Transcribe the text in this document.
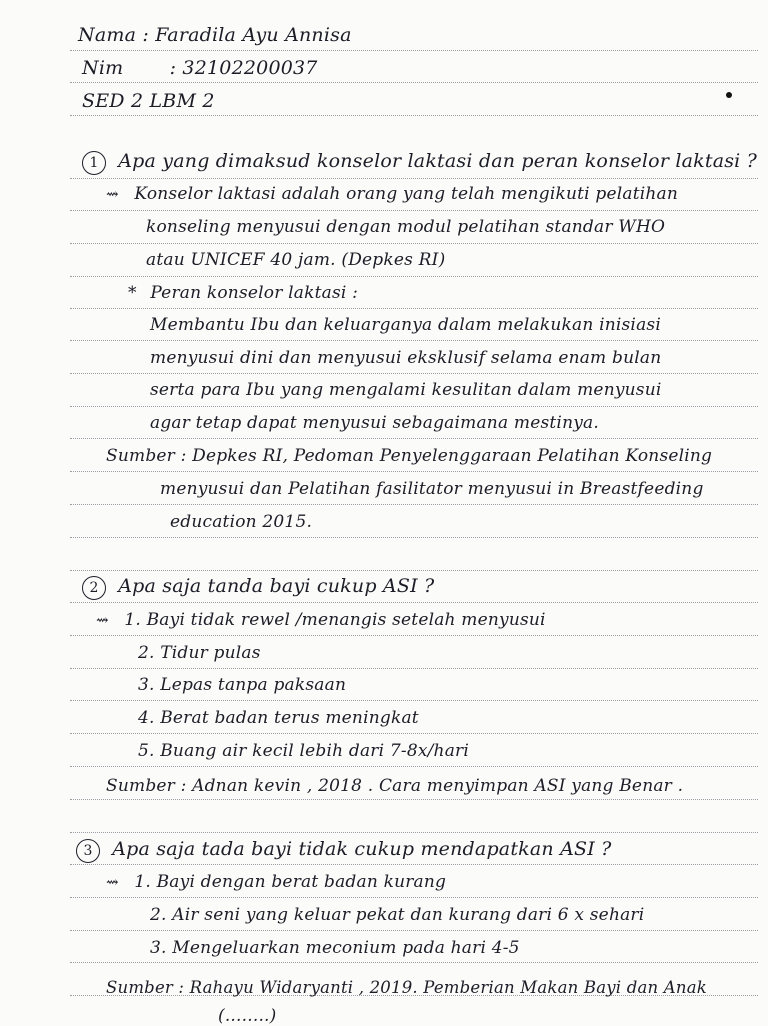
Nama : Faradila Ayu Annisa
Nim : 32102200037
SED 2 LBM 2
1 Apa yang dimaksud konselor laktasi dan peran konselor laktasi ?
⇝ Konselor laktasi adalah orang yang telah mengikuti pelatihan
konseling menyusui dengan modul pelatihan standar WHO
atau UNICEF 40 jam. (Depkes RI)
* Peran konselor laktasi :
Membantu Ibu dan keluarganya dalam melakukan inisiasi
menyusui dini dan menyusui eksklusif selama enam bulan
serta para Ibu yang mengalami kesulitan dalam menyusui
agar tetap dapat menyusui sebagaimana mestinya.
Sumber : Depkes RI, Pedoman Penyelenggaraan Pelatihan Konseling
menyusui dan Pelatihan fasilitator menyusui in Breastfeeding
education 2015.
2 Apa saja tanda bayi cukup ASI ?
⇝ 1. Bayi tidak rewel /menangis setelah menyusui
2. Tidur pulas
3. Lepas tanpa paksaan
4. Berat badan terus meningkat
5. Buang air kecil lebih dari 7-8x/hari
Sumber : Adnan kevin , 2018 . Cara menyimpan ASI yang Benar .
3 Apa saja tada bayi tidak cukup mendapatkan ASI ?
⇝ 1. Bayi dengan berat badan kurang
2. Air seni yang keluar pekat dan kurang dari 6 x sehari
3. Mengeluarkan meconium pada hari 4-5
Sumber : Rahayu Widaryanti , 2019. Pemberian Makan Bayi dan Anak
(........)
